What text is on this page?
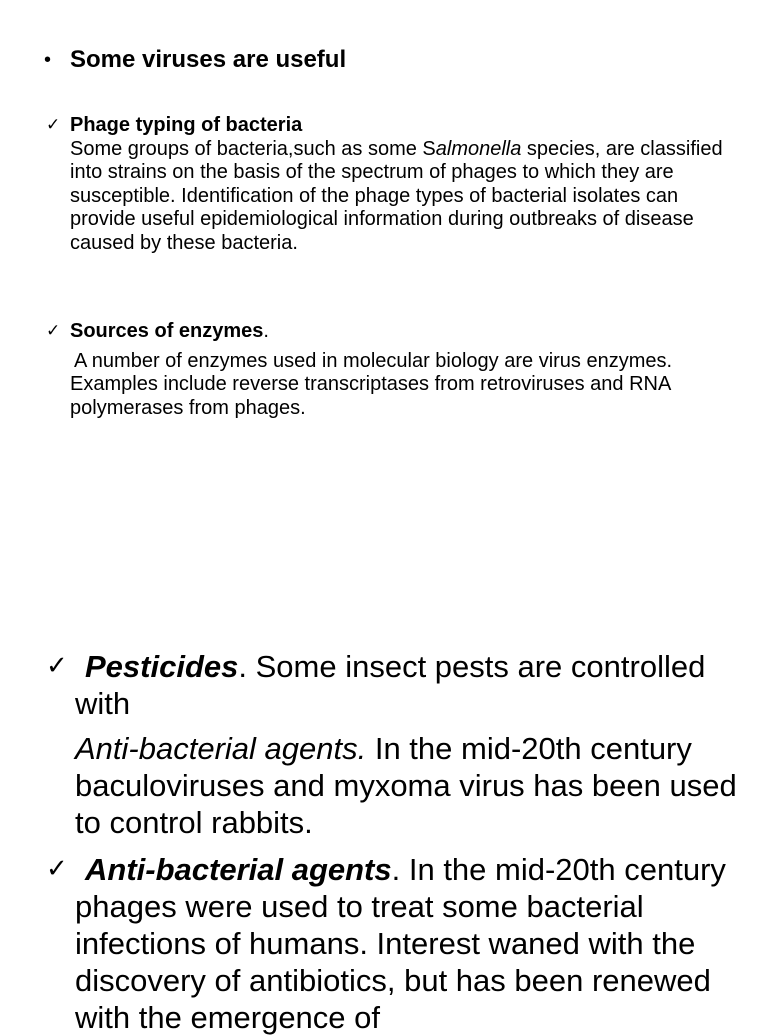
• Some viruses are useful
✓ Phage typing of bacteria
Some groups of bacteria,such as some Salmonella species, are classified into strains on the basis of the spectrum of phages to which they are susceptible. Identification of the phage types of bacterial isolates can provide useful epidemiological information during outbreaks of disease caused by these bacteria.
✓ Sources of enzymes.
A number of enzymes used in molecular biology are virus enzymes. Examples include reverse transcriptases from retroviruses and RNA polymerases from phages.
✓ Pesticides. Some insect pests are controlled with
Anti-bacterial agents. In the mid-20th century baculoviruses and myxoma virus has been used to control rabbits.
✓ Anti-bacterial agents. In the mid-20th century phages were used to treat some bacterial infections of humans. Interest waned with the discovery of antibiotics, but has been renewed with the emergence of
